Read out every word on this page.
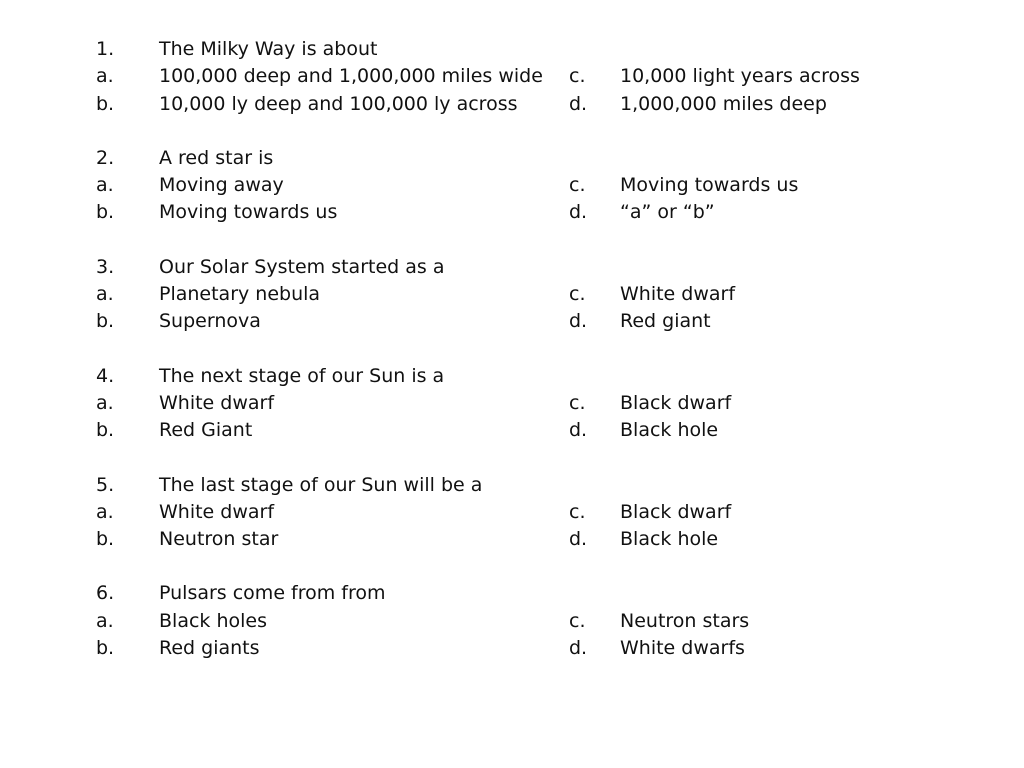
1. The Milky Way is about
a. 100,000 deep and 1,000,000 miles wide c. 10,000 light years across
b. 10,000 ly deep and 100,000 ly across	d. 1,000,000 miles deep
2. A red star is
a. Moving away	c. Moving towards us
b. Moving towards us	d. “a” or “b”
3. Our Solar System started as a
a. Planetary nebula	c. White dwarf
b. Supernova	d. Red giant
4. The next stage of our Sun is a
a. White dwarf	c. Black dwarf
b. Red Giant	d. Black hole
5. The last stage of our Sun will be a
a. White dwarf	c. Black dwarf
b. Neutron star	d. Black hole
6. Pulsars come from from
a. Black holes	c. Neutron stars
b. Red giants	d. White dwarfs
